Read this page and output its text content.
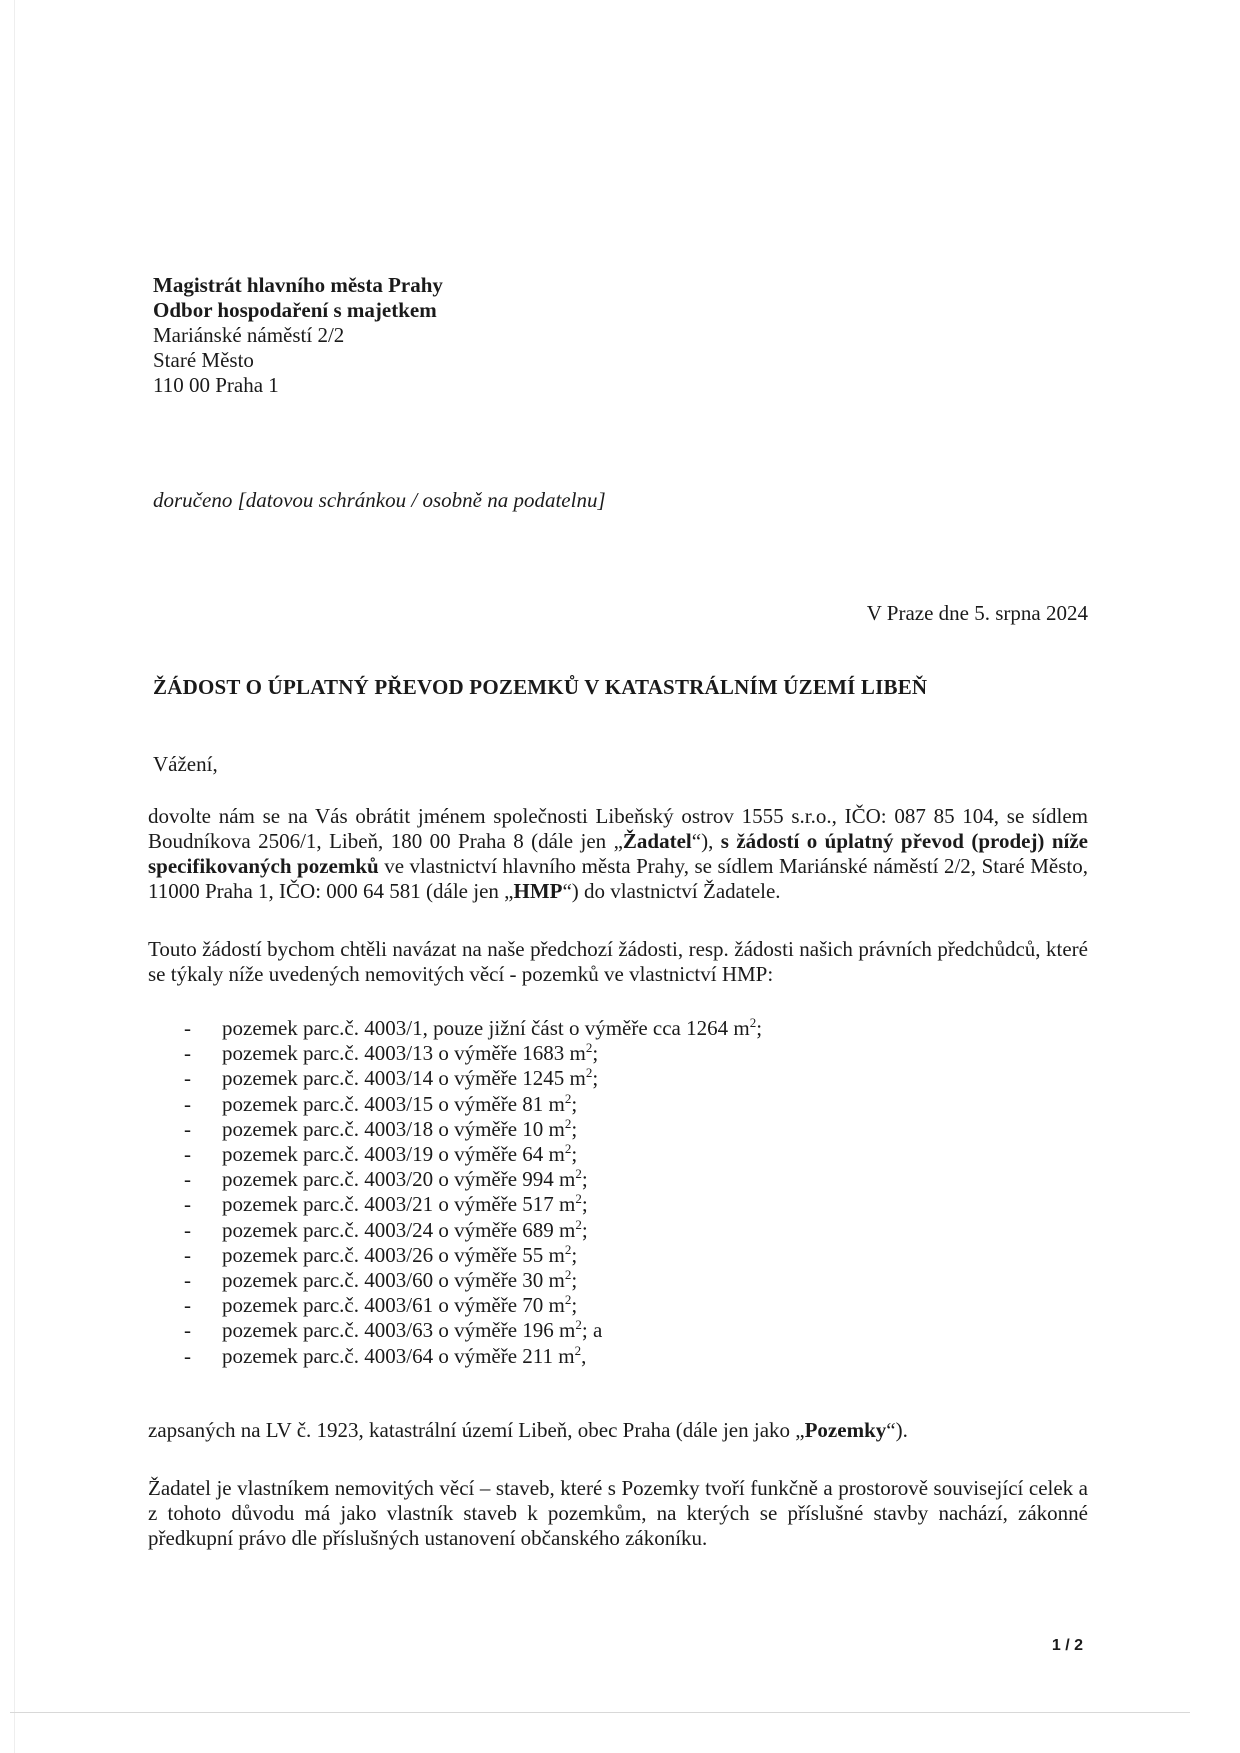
Magistrát hlavního města Prahy
Odbor hospodaření s majetkem
Mariánské náměstí 2/2
Staré Město
110 00 Praha 1
doručeno [datovou schránkou / osobně na podatelnu]
V Praze dne 5. srpna 2024
ŽÁDOST O ÚPLATNÝ PŘEVOD POZEMKŮ V KATASTRÁLNÍM ÚZEMÍ LIBEŇ
Vážení,
dovolte nám se na Vás obrátit jménem společnosti Libeňský ostrov 1555 s.r.o., IČO: 087 85 104, se sídlem Boudníkova 2506/1, Libeň, 180 00 Praha 8 (dále jen „Žadatel“), s žádostí o úplatný převod (prodej) níže specifikovaných pozemků ve vlastnictví hlavního města Prahy, se sídlem Mariánské náměstí 2/2, Staré Město, 11000 Praha 1, IČO: 000 64 581 (dále jen „HMP“) do vlastnictví Žadatele.
Touto žádostí bychom chtěli navázat na naše předchozí žádosti, resp. žádosti našich právních předchůdců, které se týkaly níže uvedených nemovitých věcí - pozemků ve vlastnictví HMP:
- pozemek parc.č. 4003/1, pouze jižní část o výměře cca 1264 $m^2$;
- pozemek parc.č. 4003/13 o výměře 1683 $m^2$;
- pozemek parc.č. 4003/14 o výměře 1245 $m^2$;
- pozemek parc.č. 4003/15 o výměře 81 $m^2$;
- pozemek parc.č. 4003/18 o výměře 10 $m^2$;
- pozemek parc.č. 4003/19 o výměře 64 $m^2$;
- pozemek parc.č. 4003/20 o výměře 994 $m^2$;
- pozemek parc.č. 4003/21 o výměře 517 $m^2$;
- pozemek parc.č. 4003/24 o výměře 689 $m^2$;
- pozemek parc.č. 4003/26 o výměře 55 $m^2$;
- pozemek parc.č. 4003/60 o výměře 30 $m^2$;
- pozemek parc.č. 4003/61 o výměře 70 $m^2$;
- pozemek parc.č. 4003/63 o výměře 196 $m^2$; a
- pozemek parc.č. 4003/64 o výměře 211 $m^2$,
zapsaných na LV č. 1923, katastrální území Libeň, obec Praha (dále jen jako „Pozemky“).
Žadatel je vlastníkem nemovitých věcí – staveb, které s Pozemky tvoří funkčně a prostorově související celek a z tohoto důvodu má jako vlastník staveb k pozemkům, na kterých se příslušné stavby nachází, zákonné předkupní právo dle příslušných ustanovení občanského zákoníku.
1 / 2
